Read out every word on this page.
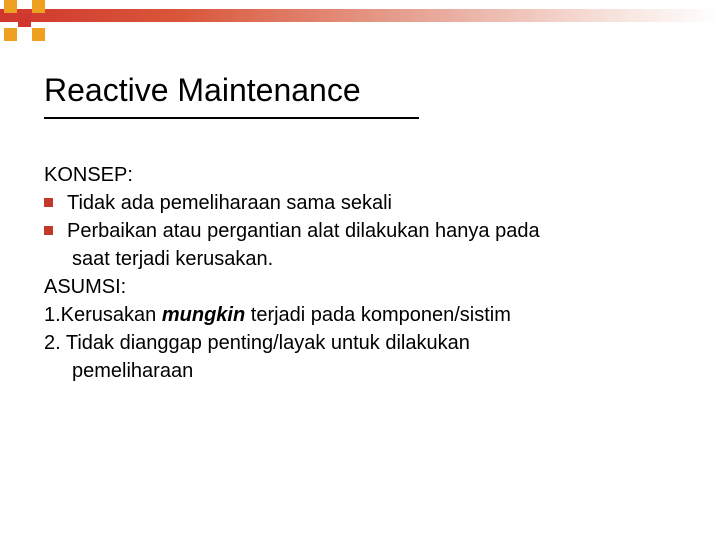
Reactive Maintenance
KONSEP:
Tidak ada pemeliharaan sama sekali
Perbaikan atau pergantian alat dilakukan hanya pada
saat terjadi kerusakan.
ASUMSI:
1.Kerusakan mungkin terjadi pada komponen/sistim
2. Tidak dianggap penting/layak untuk dilakukan
pemeliharaan
